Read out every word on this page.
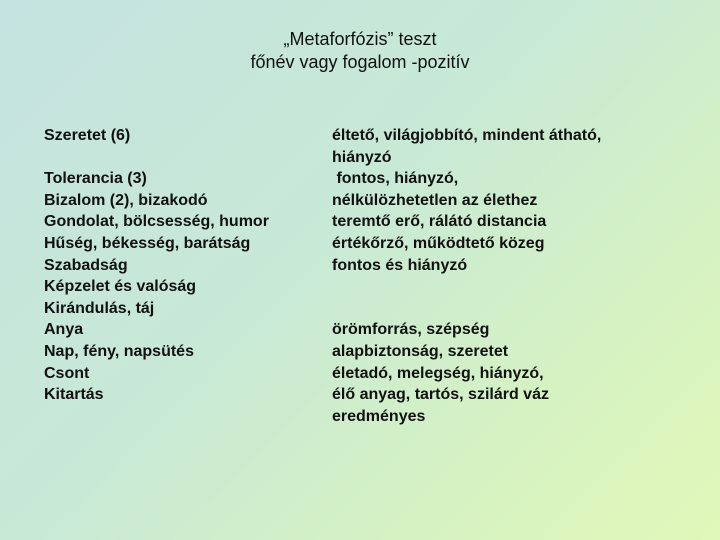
„Metaforfózis” teszt
főnév vagy fogalom -pozitív
Szeretet (6)
Tolerancia (3)
Bizalom (2), bizakodó
Gondolat, bölcsesség, humor
Hűség, békesség, barátság
Szabadság
Képzelet és valóság
Kirándulás, táj
Anya
Nap, fény, napsütés
Csont
Kitartás
éltető, világjobbító, mindent átható,
hiányzó
fontos, hiányzó,
nélkülözhetetlen az élethez
teremtő erő, rálátó distancia
értékőrző, működtető közeg
fontos és hiányzó
örömforrás, szépség
alapbiztonság, szeretet
életadó, melegség, hiányzó,
élő anyag, tartós, szilárd váz
eredményes
